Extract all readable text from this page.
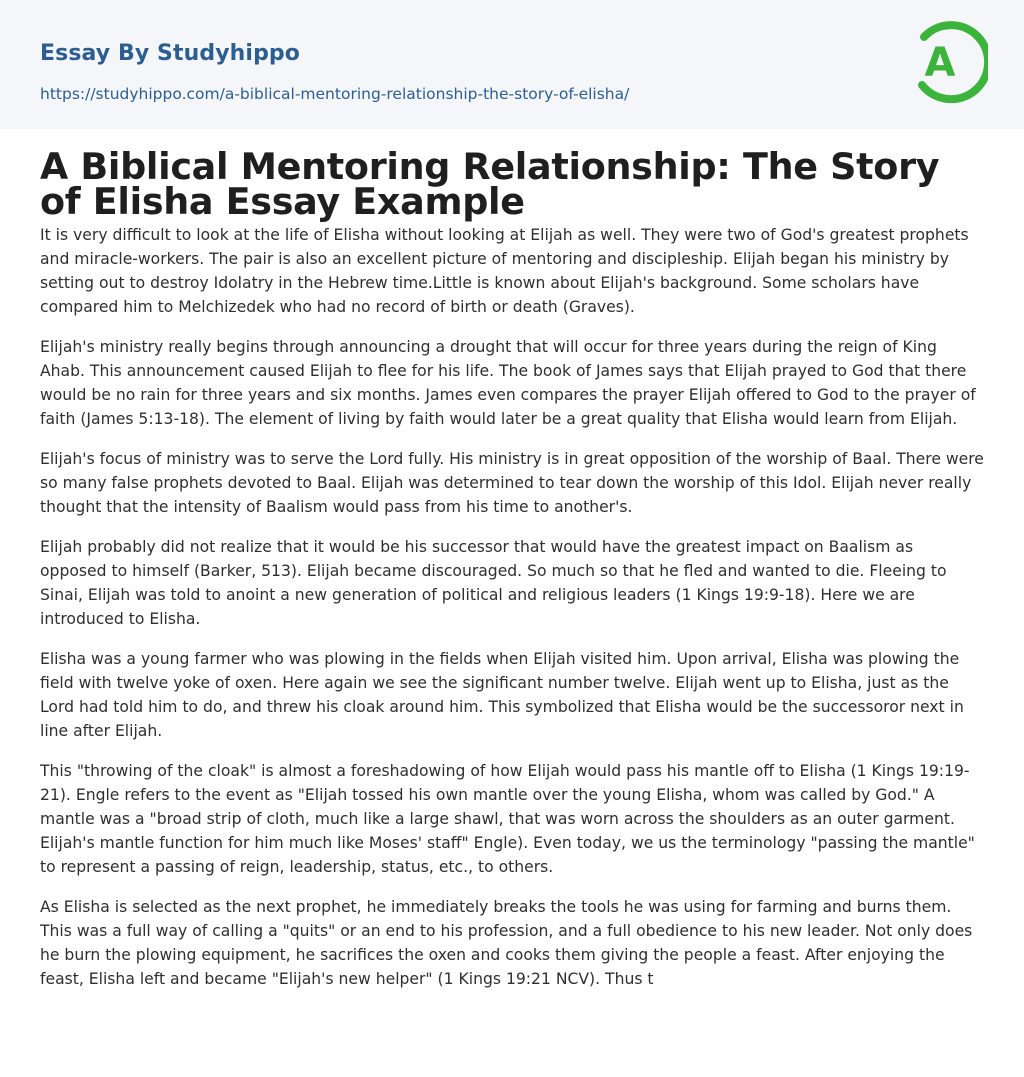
Essay By Studyhippo
https://studyhippo.com/a-biblical-mentoring-relationship-the-story-of-elisha/
A
A Biblical Mentoring Relationship: The Story of Elisha Essay Example

It is very difficult to look at the life of Elisha without looking at Elijah as well. They were two of God's greatest prophets and miracle-workers. The pair is also an excellent picture of mentoring and discipleship. Elijah began his ministry by setting out to destroy Idolatry in the Hebrew time.Little is known about Elijah's background. Some scholars have compared him to Melchizedek who had no record of birth or death (Graves).

Elijah's ministry really begins through announcing a drought that will occur for three years during the reign of King Ahab. This announcement caused Elijah to flee for his life. The book of James says that Elijah prayed to God that there would be no rain for three years and six months. James even compares the prayer Elijah offered to God to the prayer of faith (James 5:13-18). The element of living by faith would later be a great quality that Elisha would learn from Elijah.

Elijah's focus of ministry was to serve the Lord fully. His ministry is in great opposition of the worship of Baal. There were so many false prophets devoted to Baal. Elijah was determined to tear down the worship of this Idol. Elijah never really thought that the intensity of Baalism would pass from his time to another's.

Elijah probably did not realize that it would be his successor that would have the greatest impact on Baalism as opposed to himself (Barker, 513). Elijah became discouraged. So much so that he fled and wanted to die. Fleeing to Sinai, Elijah was told to anoint a new generation of political and religious leaders (1 Kings 19:9-18). Here we are introduced to Elisha.

Elisha was a young farmer who was plowing in the fields when Elijah visited him. Upon arrival, Elisha was plowing the field with twelve yoke of oxen. Here again we see the significant number twelve. Elijah went up to Elisha, just as the Lord had told him to do, and threw his cloak around him. This symbolized that Elisha would be the successoror next in line after Elijah.

This "throwing of the cloak" is almost a foreshadowing of how Elijah would pass his mantle off to Elisha (1 Kings 19:19-21). Engle refers to the event as "Elijah tossed his own mantle over the young Elisha, whom was called by God." A mantle was a "broad strip of cloth, much like a large shawl, that was worn across the shoulders as an outer garment. Elijah's mantle function for him much like Moses' staff" Engle). Even today, we us the terminology "passing the mantle" to represent a passing of reign, leadership, status, etc., to others.

As Elisha is selected as the next prophet, he immediately breaks the tools he was using for farming and burns them. This was a full way of calling a "quits" or an end to his profession, and a full obedience to his new leader. Not only does he burn the plowing equipment, he sacrifices the oxen and cooks them giving the people a feast. After enjoying the feast, Elisha left and became "Elijah's new helper" (1 Kings 19:21 NCV). Thus t
